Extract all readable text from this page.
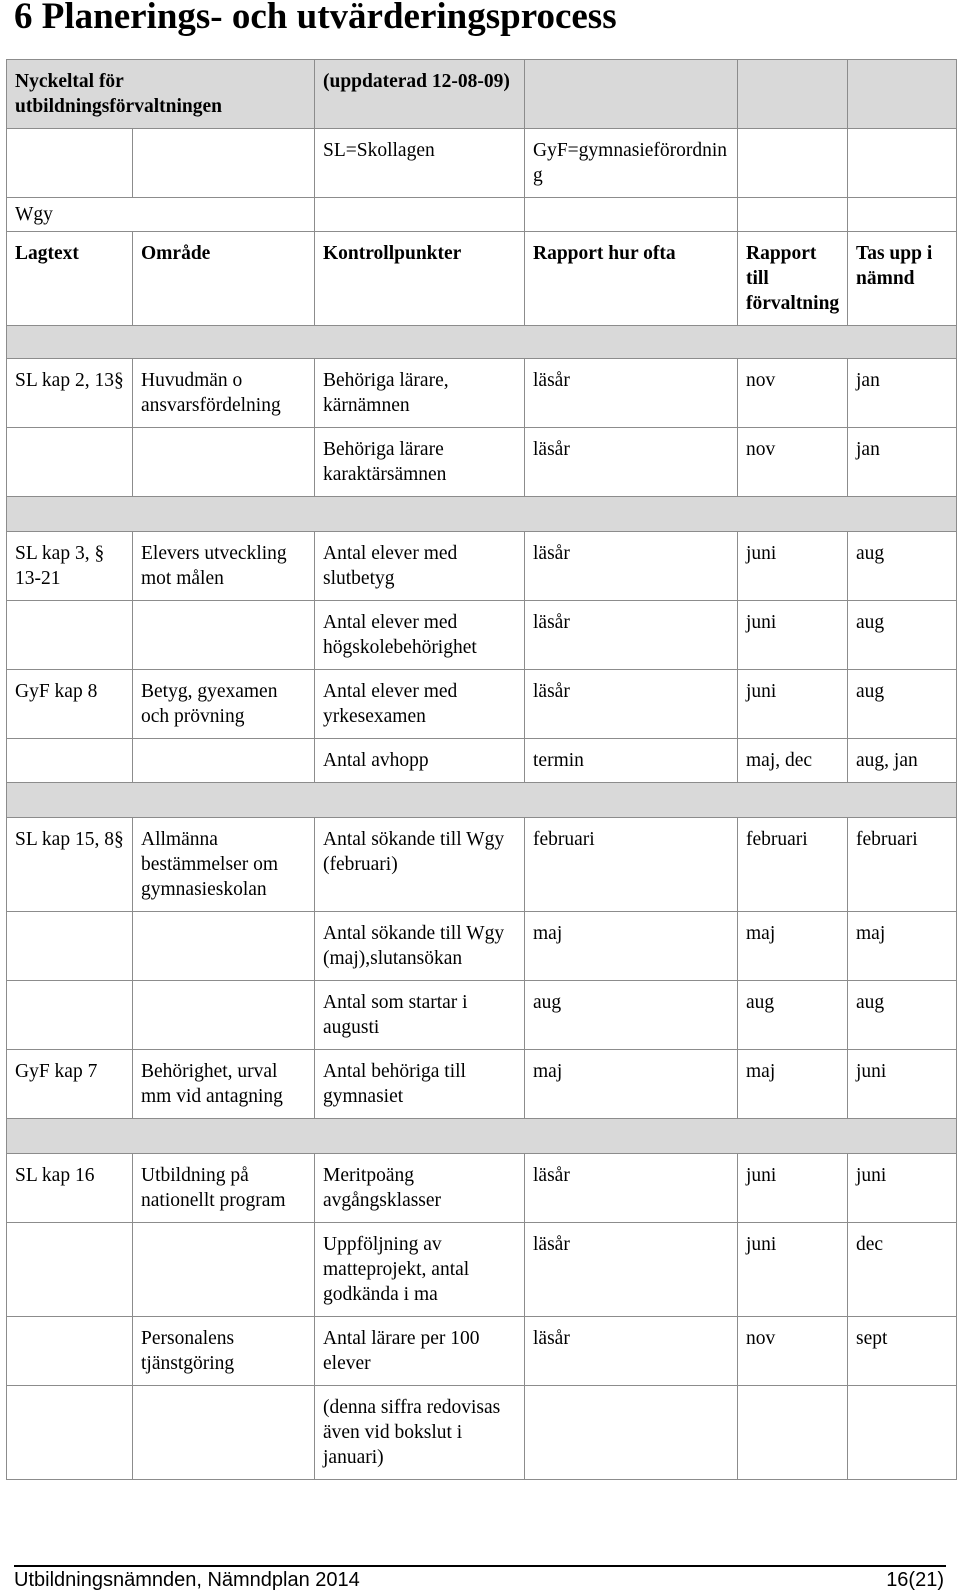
6 Planerings- och utvärderingsprocess
Nyckeltal för utbildningsförvaltningen		(uppdaterad 12-08-09)			
		SL=Skollagen	GyF=gymnasieförordning		
Wgy					
Lagtext	Område	Kontrollpunkter	Rapport hur ofta	Rapport till förvaltning	Tas upp i nämnd

SL kap 2, 13§	Huvudmän o ansvarsfördelning	Behöriga lärare, kärnämnen	läsår	nov	jan
		Behöriga lärare karaktärsämnen	läsår	nov	jan

SL kap 3, § 13-21	Elevers utveckling mot målen	Antal elever med slutbetyg	läsår	juni	aug
		Antal elever med högskolebehörighet	läsår	juni	aug
GyF kap 8	Betyg, gyexamen och prövning	Antal elever med yrkesexamen	läsår	juni	aug
		Antal avhopp	termin	maj, dec	aug, jan

SL kap 15, 8§	Allmänna bestämmelser om gymnasieskolan	Antal sökande till Wgy (februari)	februari	februari	februari
		Antal sökande till Wgy (maj),slutansökan	maj	maj	maj
		Antal som startar i augusti	aug	aug	aug
GyF kap 7	Behörighet, urval mm vid antagning	Antal behöriga till gymnasiet	maj	maj	juni

SL kap 16	Utbildning på nationellt program	Meritpoäng avgångsklasser	läsår	juni	juni
		Uppföljning av matteprojekt, antal godkända i ma	läsår	juni	dec
	Personalens tjänstgöring	Antal lärare per 100 elever	läsår	nov	sept
		(denna siffra redovisas även vid bokslut i januari)			

Utbildningsnämnden, Nämndplan 2014	16(21)
